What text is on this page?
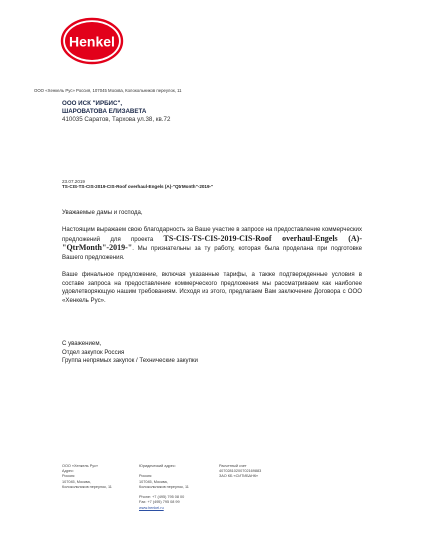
Henkel
ООО «Хенкель Рус» Россия, 107045 Москва, Колокольников переулок, 11
ООО ИСК "ИРБИС",
ШАРОВАТОВА ЕЛИЗАВЕТА
410035 Саратов, Тархова ул.38, кв.72
23.07.2019
TS-CIS-TS-CIS-2019-CIS-Roof overhaul-Engels (A)-"QtrMonth"-2019-"

Уважаемые дамы и господа,

Настоящим выражаем свою благодарность за Ваше участие в запросе на предоставление коммерческих предложений для проекта TS-CIS-TS-CIS-2019-CIS-Roof overhaul-Engels (A)-"QtrMonth"-2019-". Мы признательны за ту работу, которая была проделана при подготовке Вашего предложения.

Ваше финальное предложение, включая указанные тарифы, а также подтвержденные условия в составе запроса на предоставление коммерческого предложения мы рассматриваем как наиболее удовлетворяющую нашим требованиям. Исходя из этого, предлагаем Вам заключение Договора с ООО «Хенкель Рус».

С уважением,
Отдел закупок Россия
Группа непрямых закупок / Технические закупки
ООО «Хенкель Рус»
Адрес:
Россия
107045, Москва,
Колокольников переулок, 11
Юридический адрес:
Россия
107045, Москва,
Колокольников переулок, 11
Phone: +7 (495) 795 08 00
Fax: +7 (495) 795 08 99
www.henkel.ru
Расчетный счет
40702810200702169883
ЗАО КБ «СИТИБАНК»
